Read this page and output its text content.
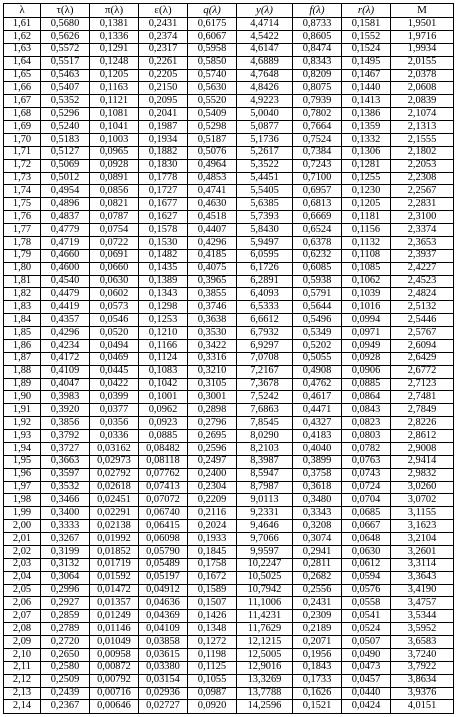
λ	τ(λ)	π(λ)	ε(λ)	q(λ)	y(λ)	f(λ)	r(λ)	M
1,61	0,5680	0,1381	0,2431	0,6175	4,4714	0,8733	0,1581	1,9501
1,62	0,5626	0,1336	0,2374	0,6067	4,5422	0,8605	0,1552	1,9716
1,63	0,5572	0,1291	0,2317	0,5958	4,6147	0,8474	0,1524	1,9934
1,64	0,5517	0,1248	0,2261	0,5850	4,6889	0,8343	0,1495	2,0155
1,65	0,5463	0,1205	0,2205	0,5740	4,7648	0,8209	0,1467	2,0378
1,66	0,5407	0,1163	0,2150	0,5630	4,8426	0,8075	0,1440	2,0608
1,67	0,5352	0,1121	0,2095	0,5520	4,9223	0,7939	0,1413	2,0839
1,68	0,5296	0,1081	0,2041	0,5409	5,0040	0,7802	0,1386	2,1074
1,69	0,5240	0,1041	0,1987	0,5298	5,0877	0,7664	0,1359	2,1313
1,70	0,5183	0,1003	0,1934	0,5187	5,1736	0,7524	0,1332	2,1555
1,71	0,5127	0,0965	0,1882	0,5076	5,2617	0,7384	0,1306	2,1802
1,72	0,5069	0,0928	0,1830	0,4964	5,3522	0,7243	0,1281	2,2053
1,73	0,5012	0,0891	0,1778	0,4853	5,4451	0,7100	0,1255	2,2308
1,74	0,4954	0,0856	0,1727	0,4741	5,5405	0,6957	0,1230	2,2567
1,75	0,4896	0,0821	0,1677	0,4630	5,6385	0,6813	0,1205	2,2831
1,76	0,4837	0,0787	0,1627	0,4518	5,7393	0,6669	0,1181	2,3100
1,77	0,4779	0,0754	0,1578	0,4407	5,8430	0,6524	0,1156	2,3374
1,78	0,4719	0,0722	0,1530	0,4296	5,9497	0,6378	0,1132	2,3653
1,79	0,4660	0,0691	0,1482	0,4185	6,0595	0,6232	0,1108	2,3937
1,80	0,4600	0,0660	0,1435	0,4075	6,1726	0,6085	0,1085	2,4227
1,81	0,4540	0,0630	0,1389	0,3965	6,2891	0,5938	0,1062	2,4523
1,82	0,4479	0,0602	0,1343	0,3855	6,4093	0,5791	0,1039	2,4824
1,83	0,4419	0,0573	0,1298	0,3746	6,5333	0,5644	0,1016	2,5132
1,84	0,4357	0,0546	0,1253	0,3638	6,6612	0,5496	0,0994	2,5446
1,85	0,4296	0,0520	0,1210	0,3530	6,7932	0,5349	0,0971	2,5767
1,86	0,4234	0,0494	0,1166	0,3422	6,9297	0,5202	0,0949	2,6094
1,87	0,4172	0,0469	0,1124	0,3316	7,0708	0,5055	0,0928	2,6429
1,88	0,4109	0,0445	0,1083	0,3210	7,2167	0,4908	0,0906	2,6772
1,89	0,4047	0,0422	0,1042	0,3105	7,3678	0,4762	0,0885	2,7123
1,90	0,3983	0,0399	0,1001	0,3001	7,5242	0,4617	0,0864	2,7481
1,91	0,3920	0,0377	0,0962	0,2898	7,6863	0,4471	0,0843	2,7849
1,92	0,3856	0,0356	0,0923	0,2796	7,8545	0,4327	0,0823	2,8226
1,93	0,3792	0,0336	0,0885	0,2695	8,0290	0,4183	0,0803	2,8612
1,94	0,3727	0,03162	0,08482	0,2596	8,2103	0,4040	0,0782	2,9008
1,95	0,3663	0,02973	0,08118	0,2497	8,3987	0,3899	0,0763	2,9414
1,96	0,3597	0,02792	0,07762	0,2400	8,5947	0,3758	0,0743	2,9832
1,97	0,3532	0,02618	0,07413	0,2304	8,7987	0,3618	0,0724	3,0260
1,98	0,3466	0,02451	0,07072	0,2209	9,0113	0,3480	0,0704	3,0702
1,99	0,3400	0,02291	0,06740	0,2116	9,2331	0,3343	0,0685	3,1155
2,00	0,3333	0,02138	0,06415	0,2024	9,4646	0,3208	0,0667	3,1623
2,01	0,3267	0,01992	0,06098	0,1933	9,7066	0,3074	0,0648	3,2104
2,02	0,3199	0,01852	0,05790	0,1845	9,9597	0,2941	0,0630	3,2601
2,03	0,3132	0,01719	0,05489	0,1758	10,2247	0,2811	0,0612	3,3114
2,04	0,3064	0,01592	0,05197	0,1672	10,5025	0,2682	0,0594	3,3643
2,05	0,2996	0,01472	0,04912	0,1589	10,7942	0,2556	0,0576	3,4190
2,06	0,2927	0,01357	0,04636	0,1507	11,1006	0,2431	0,0558	3,4757
2,07	0,2859	0,01249	0,04369	0,1426	11,4231	0,2309	0,0541	3,5344
2,08	0,2789	0,01146	0,04109	0,1348	11,7629	0,2189	0,0524	3,5952
2,09	0,2720	0,01049	0,03858	0,1272	12,1215	0,2071	0,0507	3,6583
2,10	0,2650	0,00958	0,03615	0,1198	12,5005	0,1956	0,0490	3,7240
2,11	0,2580	0,00872	0,03380	0,1125	12,9016	0,1843	0,0473	3,7922
2,12	0,2509	0,00792	0,03154	0,1055	13,3269	0,1733	0,0457	3,8634
2,13	0,2439	0,00716	0,02936	0,0987	13,7788	0,1626	0,0440	3,9376
2,14	0,2367	0,00646	0,02727	0,0920	14,2596	0,1521	0,0424	4,0151
